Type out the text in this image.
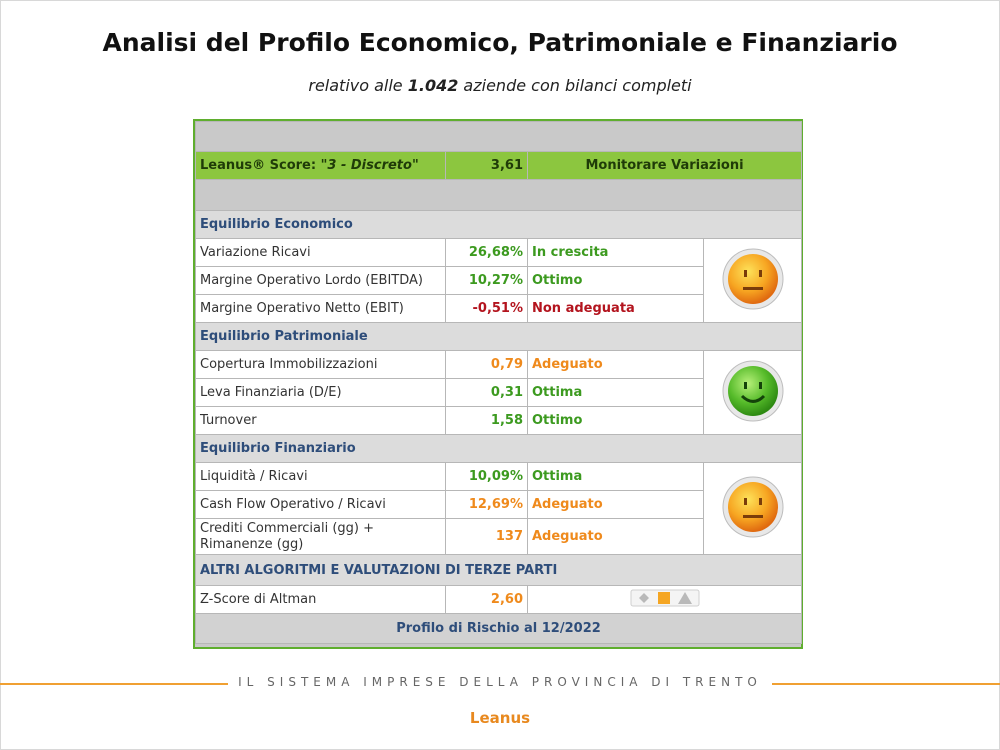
Analisi del Profilo Economico, Patrimoniale e Finanziario
relativo alle 1.042 aziende con bilanci completi

Leanus® Score: "3 - Discreto"	3,61	Monitorare Variazioni	

Equilibrio Economico			
Variazione Ricavi	26,68%	In crescita	
Margine Operativo Lordo (EBITDA)	10,27%	Ottimo	
Margine Operativo Netto (EBIT)	-0,51%	Non adeguata	
Equilibrio Patrimoniale			
Copertura Immobilizzazioni	0,79	Adeguato	
Leva Finanziaria (D/E)	0,31	Ottima	
Turnover	1,58	Ottimo	
Equilibrio Finanziario			
Liquidità / Ricavi	10,09%	Ottima	
Cash Flow Operativo / Ricavi	12,69%	Adeguato	
Crediti Commerciali (gg) + Rimanenze (gg)	137	Adeguato	
ALTRI ALGORITMI E VALUTAZIONI DI TERZE PARTI			
Z-Score di Altman	2,60	
Profilo di Rischio al 12/2022			
IL SISTEMA IMPRESE DELLA PROVINCIA DI TRENTO
Leanus
